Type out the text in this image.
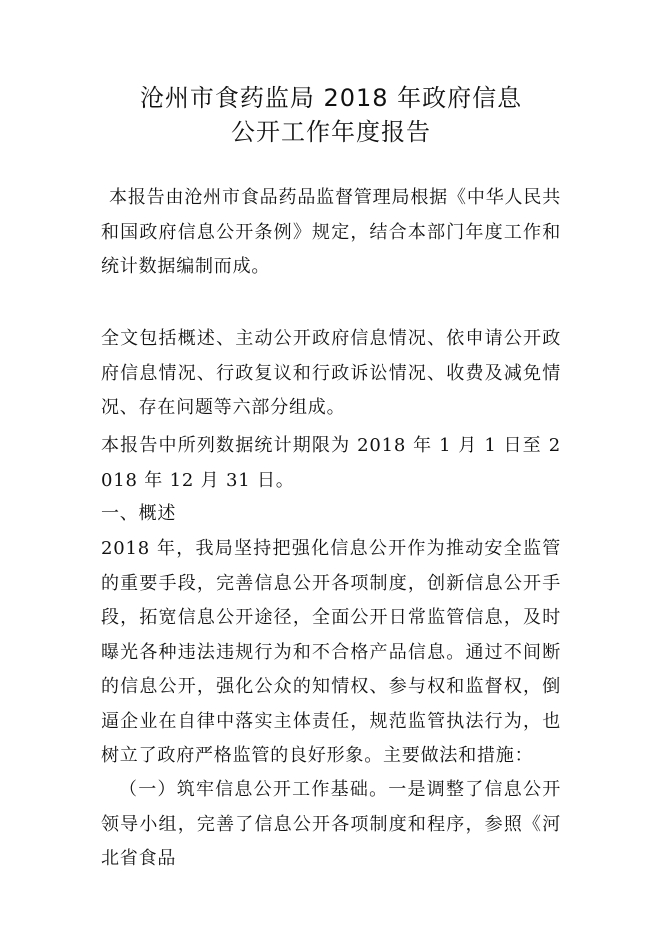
沧州市食药监局 2018 年政府信息
公开工作年度报告
本报告由沧州市食品药品监督管理局根据《中华人民共和国政府信息公开条例》规定，结合本部门年度工作和统计数据编制而成。
全文包括概述、主动公开政府信息情况、依申请公开政府信息情况、行政复议和行政诉讼情况、收费及减免情况、存在问题等六部分组成。
本报告中所列数据统计期限为 2018 年 1 月 1 日至 2018 年 12 月 31 日。
一、概述
2018 年，我局坚持把强化信息公开作为推动安全监管的重要手段，完善信息公开各项制度，创新信息公开手段，拓宽信息公开途径，全面公开日常监管信息，及时曝光各种违法违规行为和不合格产品信息。通过不间断的信息公开，强化公众的知情权、参与权和监督权，倒逼企业在自律中落实主体责任，规范监管执法行为，也树立了政府严格监管的良好形象。主要做法和措施：
（一）筑牢信息公开工作基础。一是调整了信息公开领导小组，完善了信息公开各项制度和程序，参照《河北省食品
